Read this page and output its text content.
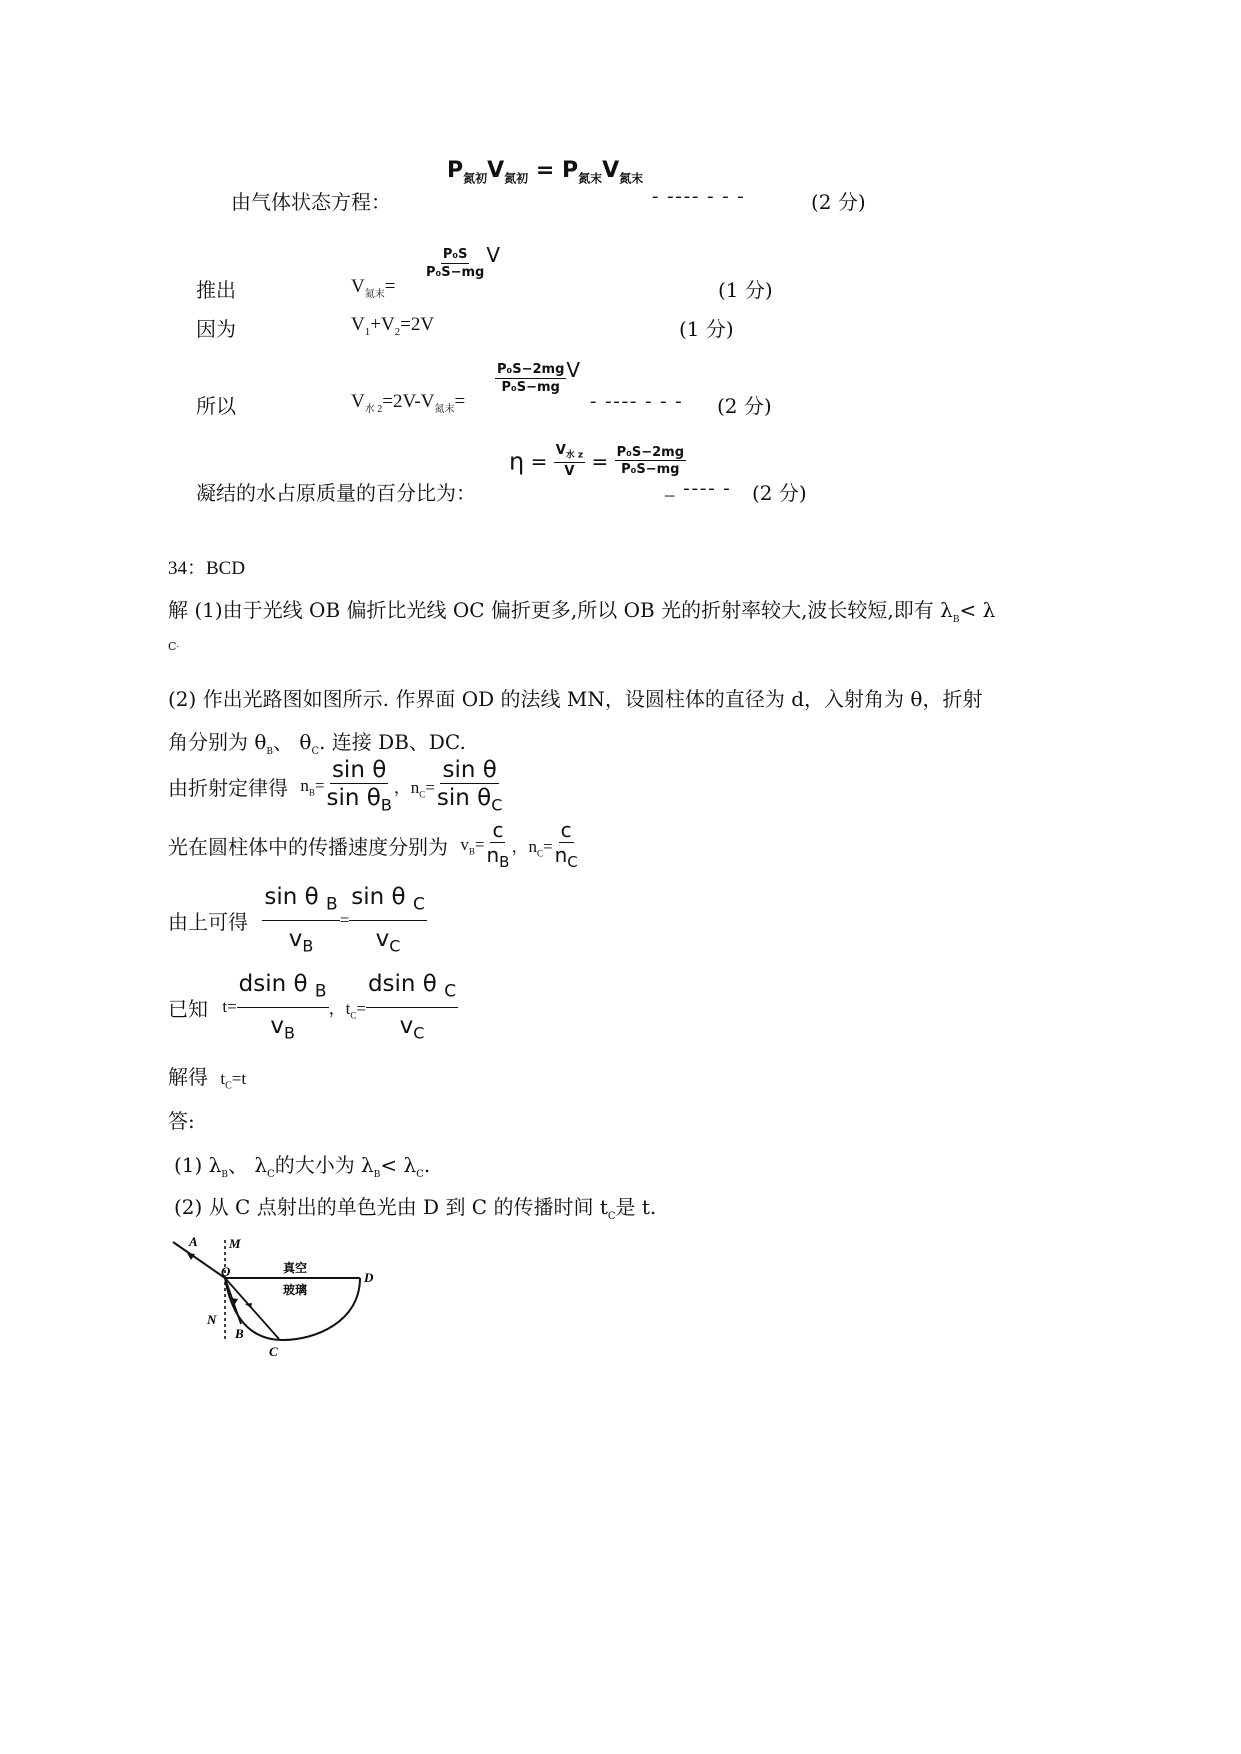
$P_{氮初}V_{氮初} = P_{氮末}V_{氮末}$
由气体状态方程：	- ---- - - -	(2 分)
推出	$V_{氮末}=$
$\frac{\text{P₀S}}{\text{P₀S−mg}}$ V
(1 分)
因为	$V_1+V_2=2V$	(1 分)
所以	$V_{水 2}=2V-V_{氮末}=$
$\frac{\text{P₀S−2mg}}{\text{P₀S−mg}}$ V
- ---- - - - (2 分)
凝结的水占原质量的百分比为：
$\eta = \frac{V_{水 z}}{V} = \frac{\text{P₀S−2mg}}{\text{P₀S−mg}}$
_ ---- - (2 分)
34：BCD
解 (1)由于光线 OB 偏折比光线 OC 偏折更多,所以 OB 光的折射率较大,波长较短,即有 $\lambda_B< \lambda$
$_C$.
(2) 作出光路图如图所示. 作界面 OD 的法线 MN，设圆柱体的直径为 d，入射角为 θ，折射
角分别为 $\theta_B$、 $\theta_C$. 连接 DB、DC.
由折射定律得 $n_B= \frac{\text{sin θ}}{\sin \theta_B}$ ，$n_C= \frac{\text{sin θ}}{\sin \theta_C}$
光在圆柱体中的传播速度分别为 $v_B= \frac{c}{n_B}$ ，$n_C= \frac{c}{n_C}$
由上可得 $\frac{\sin \theta _B}{v_B} = \frac{\sin \theta _C}{v_C}$
已知 $t= \frac{dsin \theta _B}{v_B}$ ，$t_C= \frac{dsin \theta _C}{v_C}$
解得 $t_C=t$
答:
(1) $\lambda_B$、 $\lambda_C$的大小为 $\lambda_B< \lambda_C$.
(2) 从 C 点射出的单色光由 D 到 C 的传播时间 $t_C$是 t.
A M
O	D
N
B
C
真空
玻璃
